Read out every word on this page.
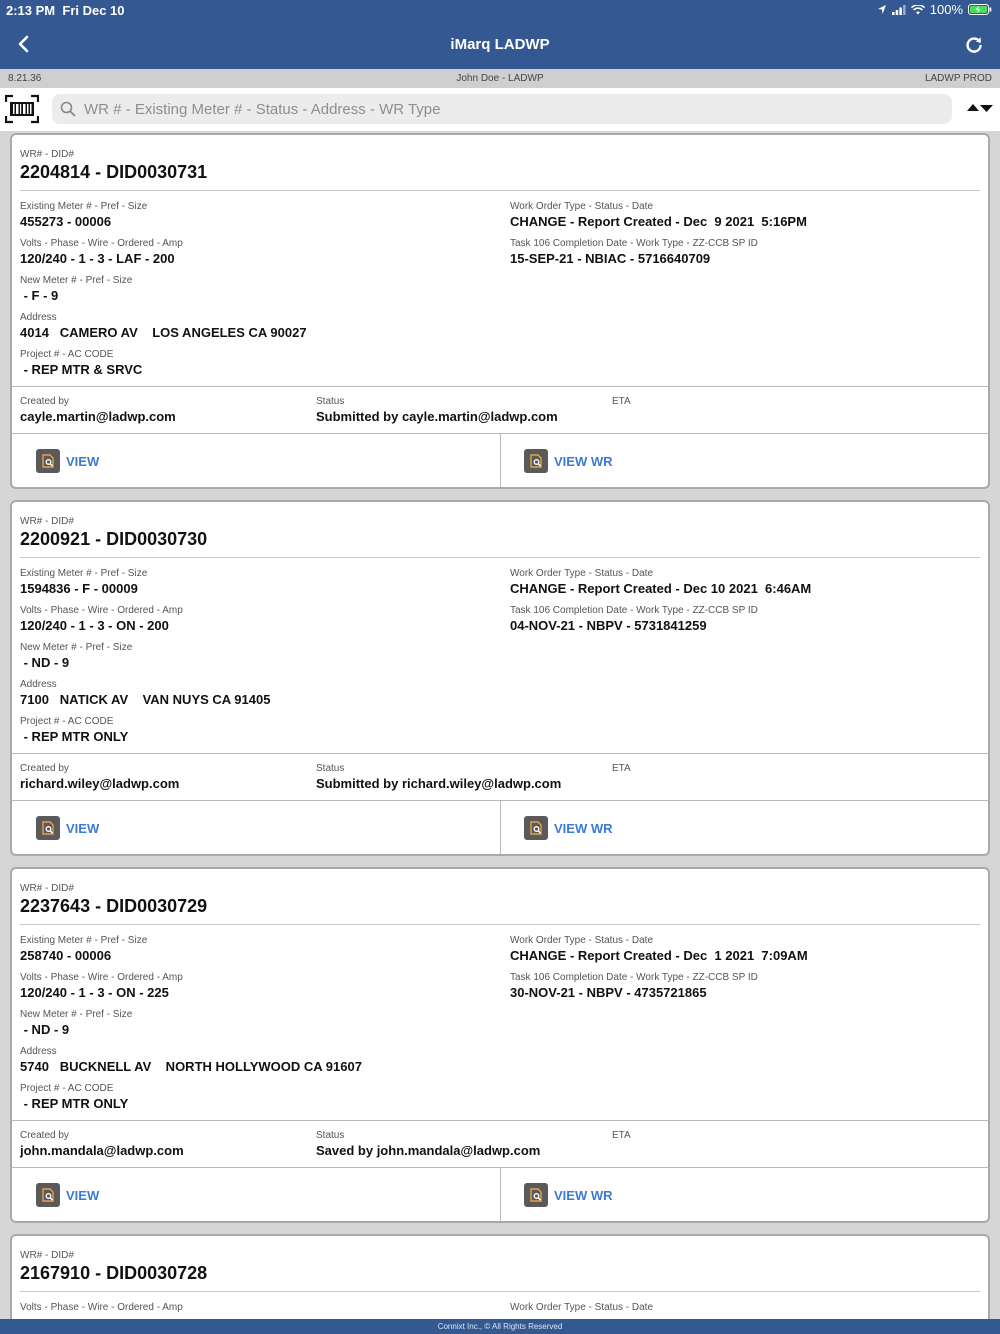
2:13 PM Fri Dec 10	100%
iMarq LADWP
8.21.36	John Doe - LADWP	LADWP PROD
WR # - Existing Meter # - Status - Address - WR Type
WR# - DID#
2204814 - DID0030731
Existing Meter # - Pref - Size
455273 - 00006
Volts - Phase - Wire - Ordered - Amp
120/240 - 1 - 3 - LAF - 200
New Meter # - Pref - Size
- F - 9
Address
4014   CAMERO AV    LOS ANGELES CA 90027
Project # - AC CODE
- REP MTR & SRVC
Work Order Type - Status - Date
CHANGE - Report Created - Dec  9 2021  5:16PM
Task 106 Completion Date - Work Type - ZZ-CCB SP ID
15-SEP-21 - NBIAC - 5716640709
Created by
cayle.martin@ladwp.com
Status
Submitted by cayle.martin@ladwp.com
ETA
VIEW	VIEW WR
WR# - DID#
2200921 - DID0030730
Existing Meter # - Pref - Size
1594836 - F - 00009
Volts - Phase - Wire - Ordered - Amp
120/240 - 1 - 3 - ON - 200
New Meter # - Pref - Size
- ND - 9
Address
7100   NATICK AV    VAN NUYS CA 91405
Project # - AC CODE
- REP MTR ONLY
Work Order Type - Status - Date
CHANGE - Report Created - Dec 10 2021  6:46AM
Task 106 Completion Date - Work Type - ZZ-CCB SP ID
04-NOV-21 - NBPV - 5731841259
Created by
richard.wiley@ladwp.com
Status
Submitted by richard.wiley@ladwp.com
ETA
VIEW	VIEW WR
WR# - DID#
2237643 - DID0030729
Existing Meter # - Pref - Size
258740 - 00006
Volts - Phase - Wire - Ordered - Amp
120/240 - 1 - 3 - ON - 225
New Meter # - Pref - Size
- ND - 9
Address
5740   BUCKNELL AV    NORTH HOLLYWOOD CA 91607
Project # - AC CODE
- REP MTR ONLY
Work Order Type - Status - Date
CHANGE - Report Created - Dec  1 2021  7:09AM
Task 106 Completion Date - Work Type - ZZ-CCB SP ID
30-NOV-21 - NBPV - 4735721865
Created by
john.mandala@ladwp.com
Status
Saved by john.mandala@ladwp.com
ETA
VIEW	VIEW WR
WR# - DID#
2167910 - DID0030728
Volts - Phase - Wire - Ordered - Amp	Work Order Type - Status - Date
Connixt Inc., © All Rights Reserved
